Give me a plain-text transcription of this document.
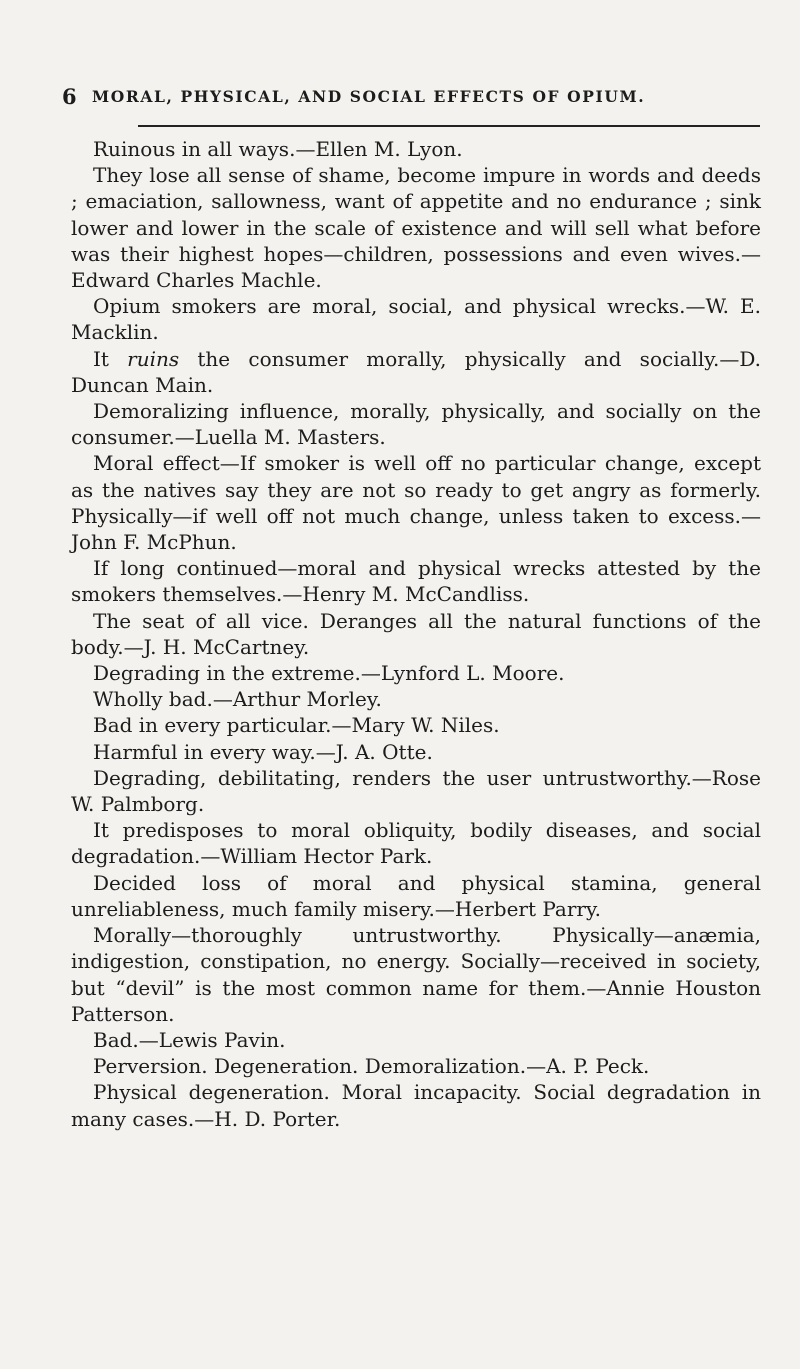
6 MORAL, PHYSICAL, AND SOCIAL EFFECTS OF OPIUM.

Ruinous in all ways.—Ellen M. Lyon.

They lose all sense of shame, become impure in words and deeds ; emaciation, sallowness, want of appetite and no endurance ; sink lower and lower in the scale of existence and will sell what before was their highest hopes—children, possessions and even wives.—Edward Charles Machle.

Opium smokers are moral, social, and physical wrecks.—W. E. Macklin.

It ruins the consumer morally, physically and socially.—D. Duncan Main.

Demoralizing influence, morally, physically, and socially on the consumer.—Luella M. Masters.

Moral effect—If smoker is well off no particular change, except as the natives say they are not so ready to get angry as formerly. Physically—if well off not much change, unless taken to excess.—John F. McPhun.

If long continued—moral and physical wrecks attested by the smokers themselves.—Henry M. McCandliss.

The seat of all vice. Deranges all the natural functions of the body.—J. H. McCartney.

Degrading in the extreme.—Lynford L. Moore.

Wholly bad.—Arthur Morley.

Bad in every particular.—Mary W. Niles.

Harmful in every way.—J. A. Otte.

Degrading, debilitating, renders the user untrustworthy.—Rose W. Palmborg.

It predisposes to moral obliquity, bodily diseases, and social degradation.—William Hector Park.

Decided loss of moral and physical stamina, general unreliableness, much family misery.—Herbert Parry.

Morally—thoroughly untrustworthy. Physically—anæmia, indigestion, constipation, no energy. Socially—received in society, but “devil” is the most common name for them.—Annie Houston Patterson.

Bad.—Lewis Pavin.

Perversion. Degeneration. Demoralization.—A. P. Peck.

Physical degeneration. Moral incapacity. Social degradation in many cases.—H. D. Porter.
